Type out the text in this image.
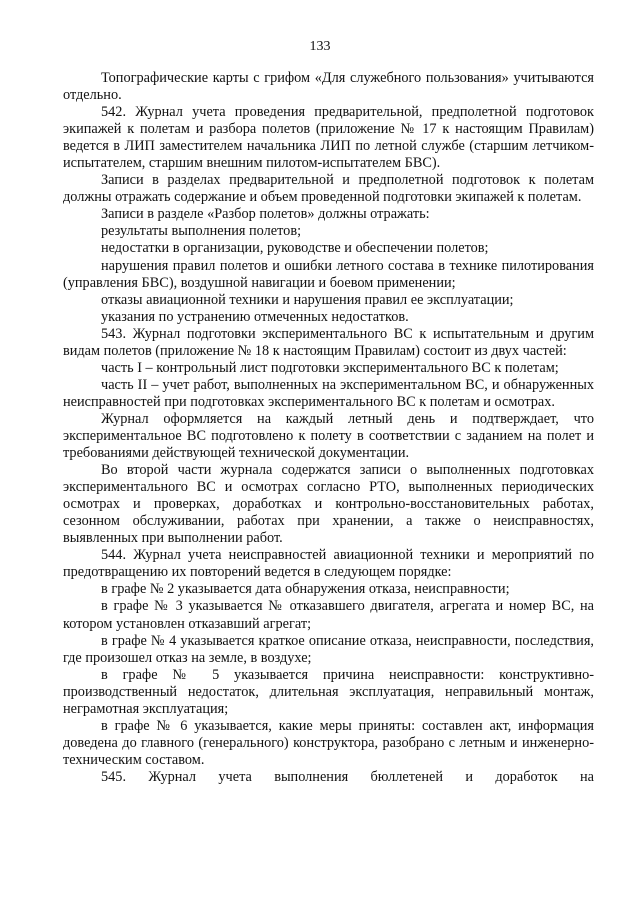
133

Топографические карты с грифом «Для служебного пользования» учитываются отдельно.

542. Журнал учета проведения предварительной, предполетной подготовок экипажей к полетам и разбора полетов (приложение № 17 к настоящим Правилам) ведется в ЛИП заместителем начальника ЛИП по летной службе (старшим летчиком-испытателем, старшим внешним пилотом-испытателем БВС).

Записи в разделах предварительной и предполетной подготовок к полетам должны отражать содержание и объем проведенной подготовки экипажей к полетам.

Записи в разделе «Разбор полетов» должны отражать:

результаты выполнения полетов;

недостатки в организации, руководстве и обеспечении полетов;

нарушения правил полетов и ошибки летного состава в технике пилотирования (управления БВС), воздушной навигации и боевом применении;

отказы авиационной техники и нарушения правил ее эксплуатации;

указания по устранению отмеченных недостатков.

543. Журнал подготовки экспериментального ВС к испытательным и другим видам полетов (приложение № 18 к настоящим Правилам) состоит из двух частей:

часть I – контрольный лист подготовки экспериментального ВС к полетам;

часть II – учет работ, выполненных на экспериментальном ВС, и обнаруженных неисправностей при подготовках экспериментального ВС к полетам и осмотрах.

Журнал оформляется на каждый летный день и подтверждает, что экспериментальное ВС подготовлено к полету в соответствии с заданием на полет и требованиями действующей технической документации.

Во второй части журнала содержатся записи о выполненных подготовках экспериментального ВС и осмотрах согласно РТО, выполненных периодических осмотрах и проверках, доработках и контрольно-восстановительных работах, сезонном обслуживании, работах при хранении, а также о неисправностях, выявленных при выполнении работ.

544. Журнал учета неисправностей авиационной техники и мероприятий по предотвращению их повторений ведется в следующем порядке:

в графе № 2 указывается дата обнаружения отказа, неисправности;

в графе № 3 указывается № отказавшего двигателя, агрегата и номер ВС, на котором установлен отказавший агрегат;

в графе № 4 указывается краткое описание отказа, неисправности, последствия, где произошел отказ на земле, в воздухе;

в графе № 5 указывается причина неисправности: конструктивно-производственный недостаток, длительная эксплуатация, неправильный монтаж, неграмотная эксплуатация;

в графе № 6 указывается, какие меры приняты: составлен акт, информация доведена до главного (генерального) конструктора, разобрано с летным и инженерно-техническим составом.

545. Журнал учета выполнения бюллетеней и доработок на
